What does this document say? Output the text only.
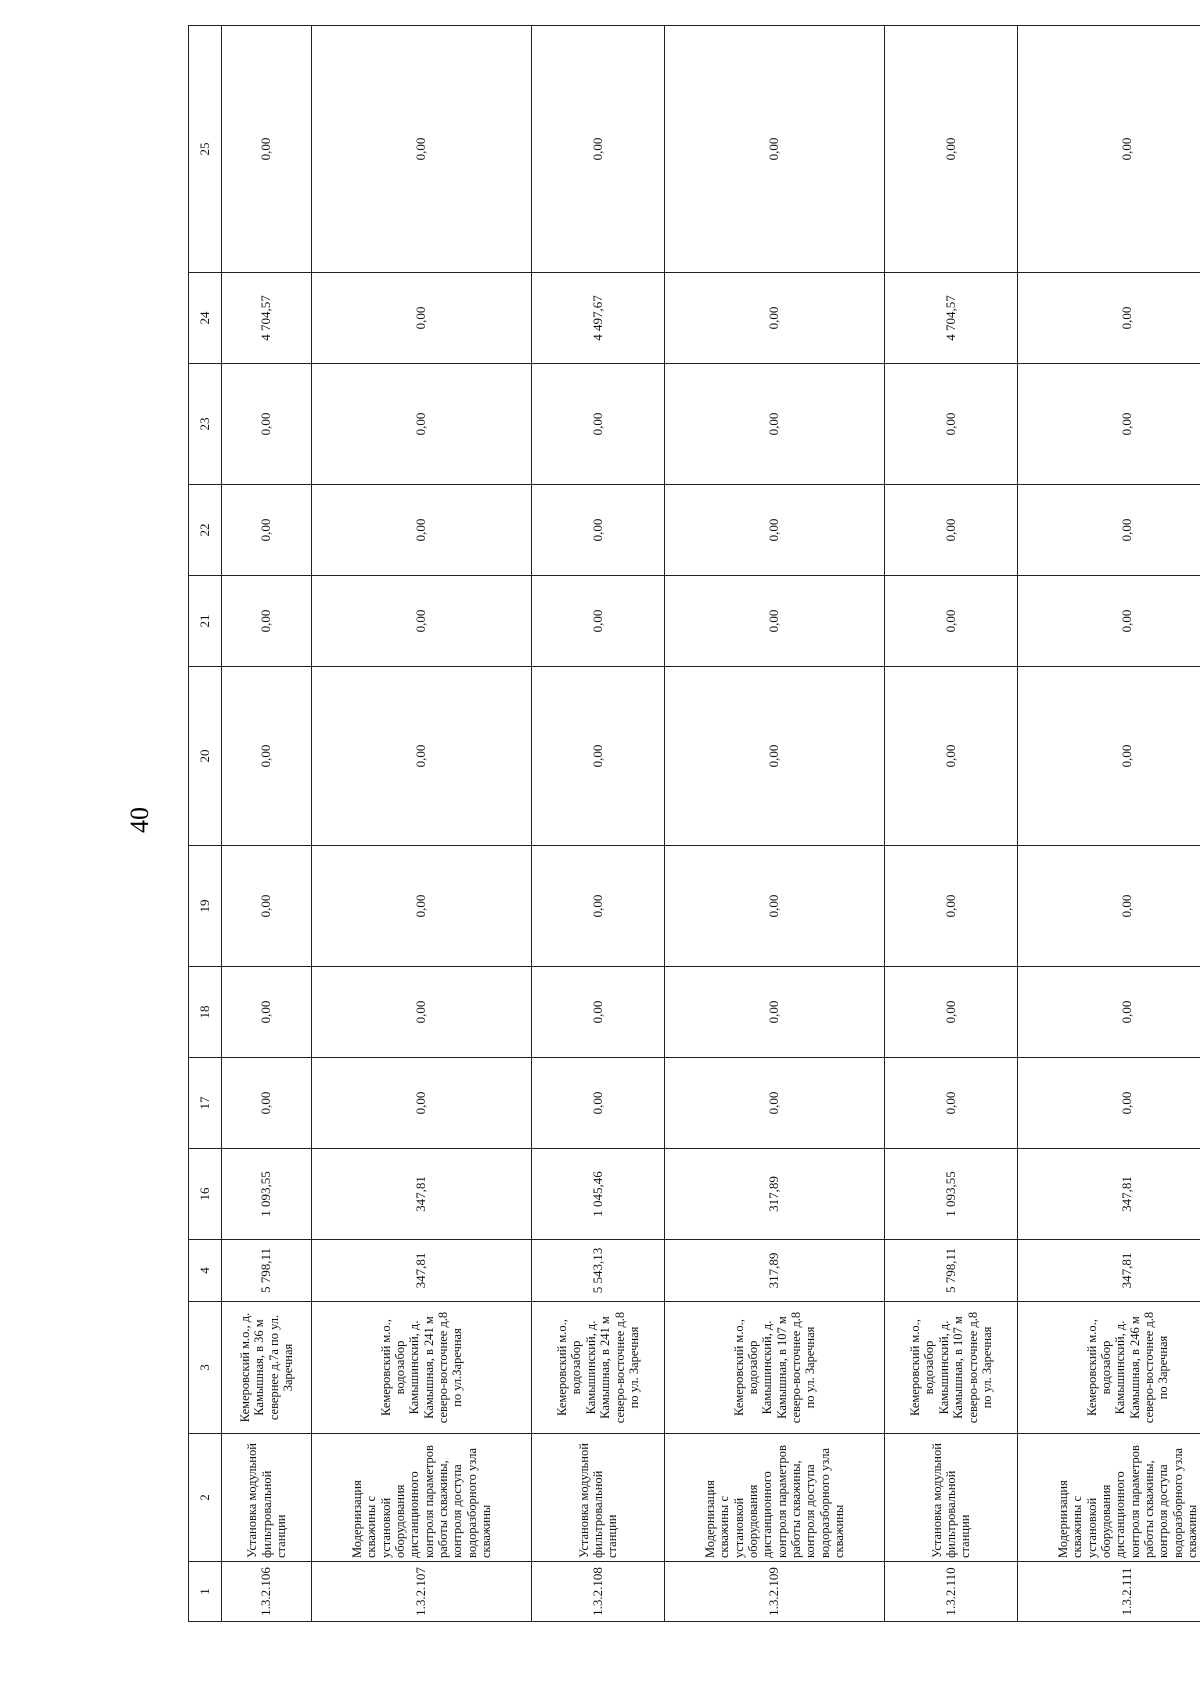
40
1	2	3	4	16	17	18	19	20	21	22	23	24	25
1.3.2.106	Установка модульной фильтровальной станции	Кемеровский м.о., д. Камышная, в 36 м севернее д.7а по ул. Заречная	5 798,11	1 093,55	0,00	0,00	0,00	0,00	0,00	0,00	0,00	4 704,57	0,00
1.3.2.107	Модернизация скважины с установкой оборудования дистанционного контроля параметров работы скважины, контроля доступа водоразборного узла скважины	Кемеровский м.о., водозабор Камышинский, д. Камышная, в 241 м северо-восточнее д.8 по ул.Заречная	347,81	347,81	0,00	0,00	0,00	0,00	0,00	0,00	0,00	0,00	0,00
1.3.2.108	Установка модульной фильтровальной станции	Кемеровский м.о., водозабор Камышинский, д. Камышная, в 241 м северо-восточнее д.8 по ул. Заречная	5 543,13	1 045,46	0,00	0,00	0,00	0,00	0,00	0,00	0,00	4 497,67	0,00
1.3.2.109	Модернизация скважины с установкой оборудования дистанционного контроля параметров работы скважины, контроля доступа водоразборного узла скважины	Кемеровский м.о., водозабор Камышинский, д. Камышная, в 107 м северо-восточнее д.8 по ул. Заречная	317,89	317,89	0,00	0,00	0,00	0,00	0,00	0,00	0,00	0,00	0,00
1.3.2.110	Установка модульной фильтровальной станции	Кемеровский м.о., водозабор Камышинский, д. Камышная, в 107 м северо-восточнее д.8 по ул. Заречная	5 798,11	1 093,55	0,00	0,00	0,00	0,00	0,00	0,00	0,00	4 704,57	0,00
1.3.2.111	Модернизация скважины с установкой оборудования дистанционного контроля параметров работы скважины, контроля доступа водоразборного узла скважины	Кемеровский м.о., водозабор Камышинский, д. Камышная, в 246 м северо-восточнее д.8 по Заречная	347,81	347,81	0,00	0,00	0,00	0,00	0,00	0,00	0,00	0,00	0,00
